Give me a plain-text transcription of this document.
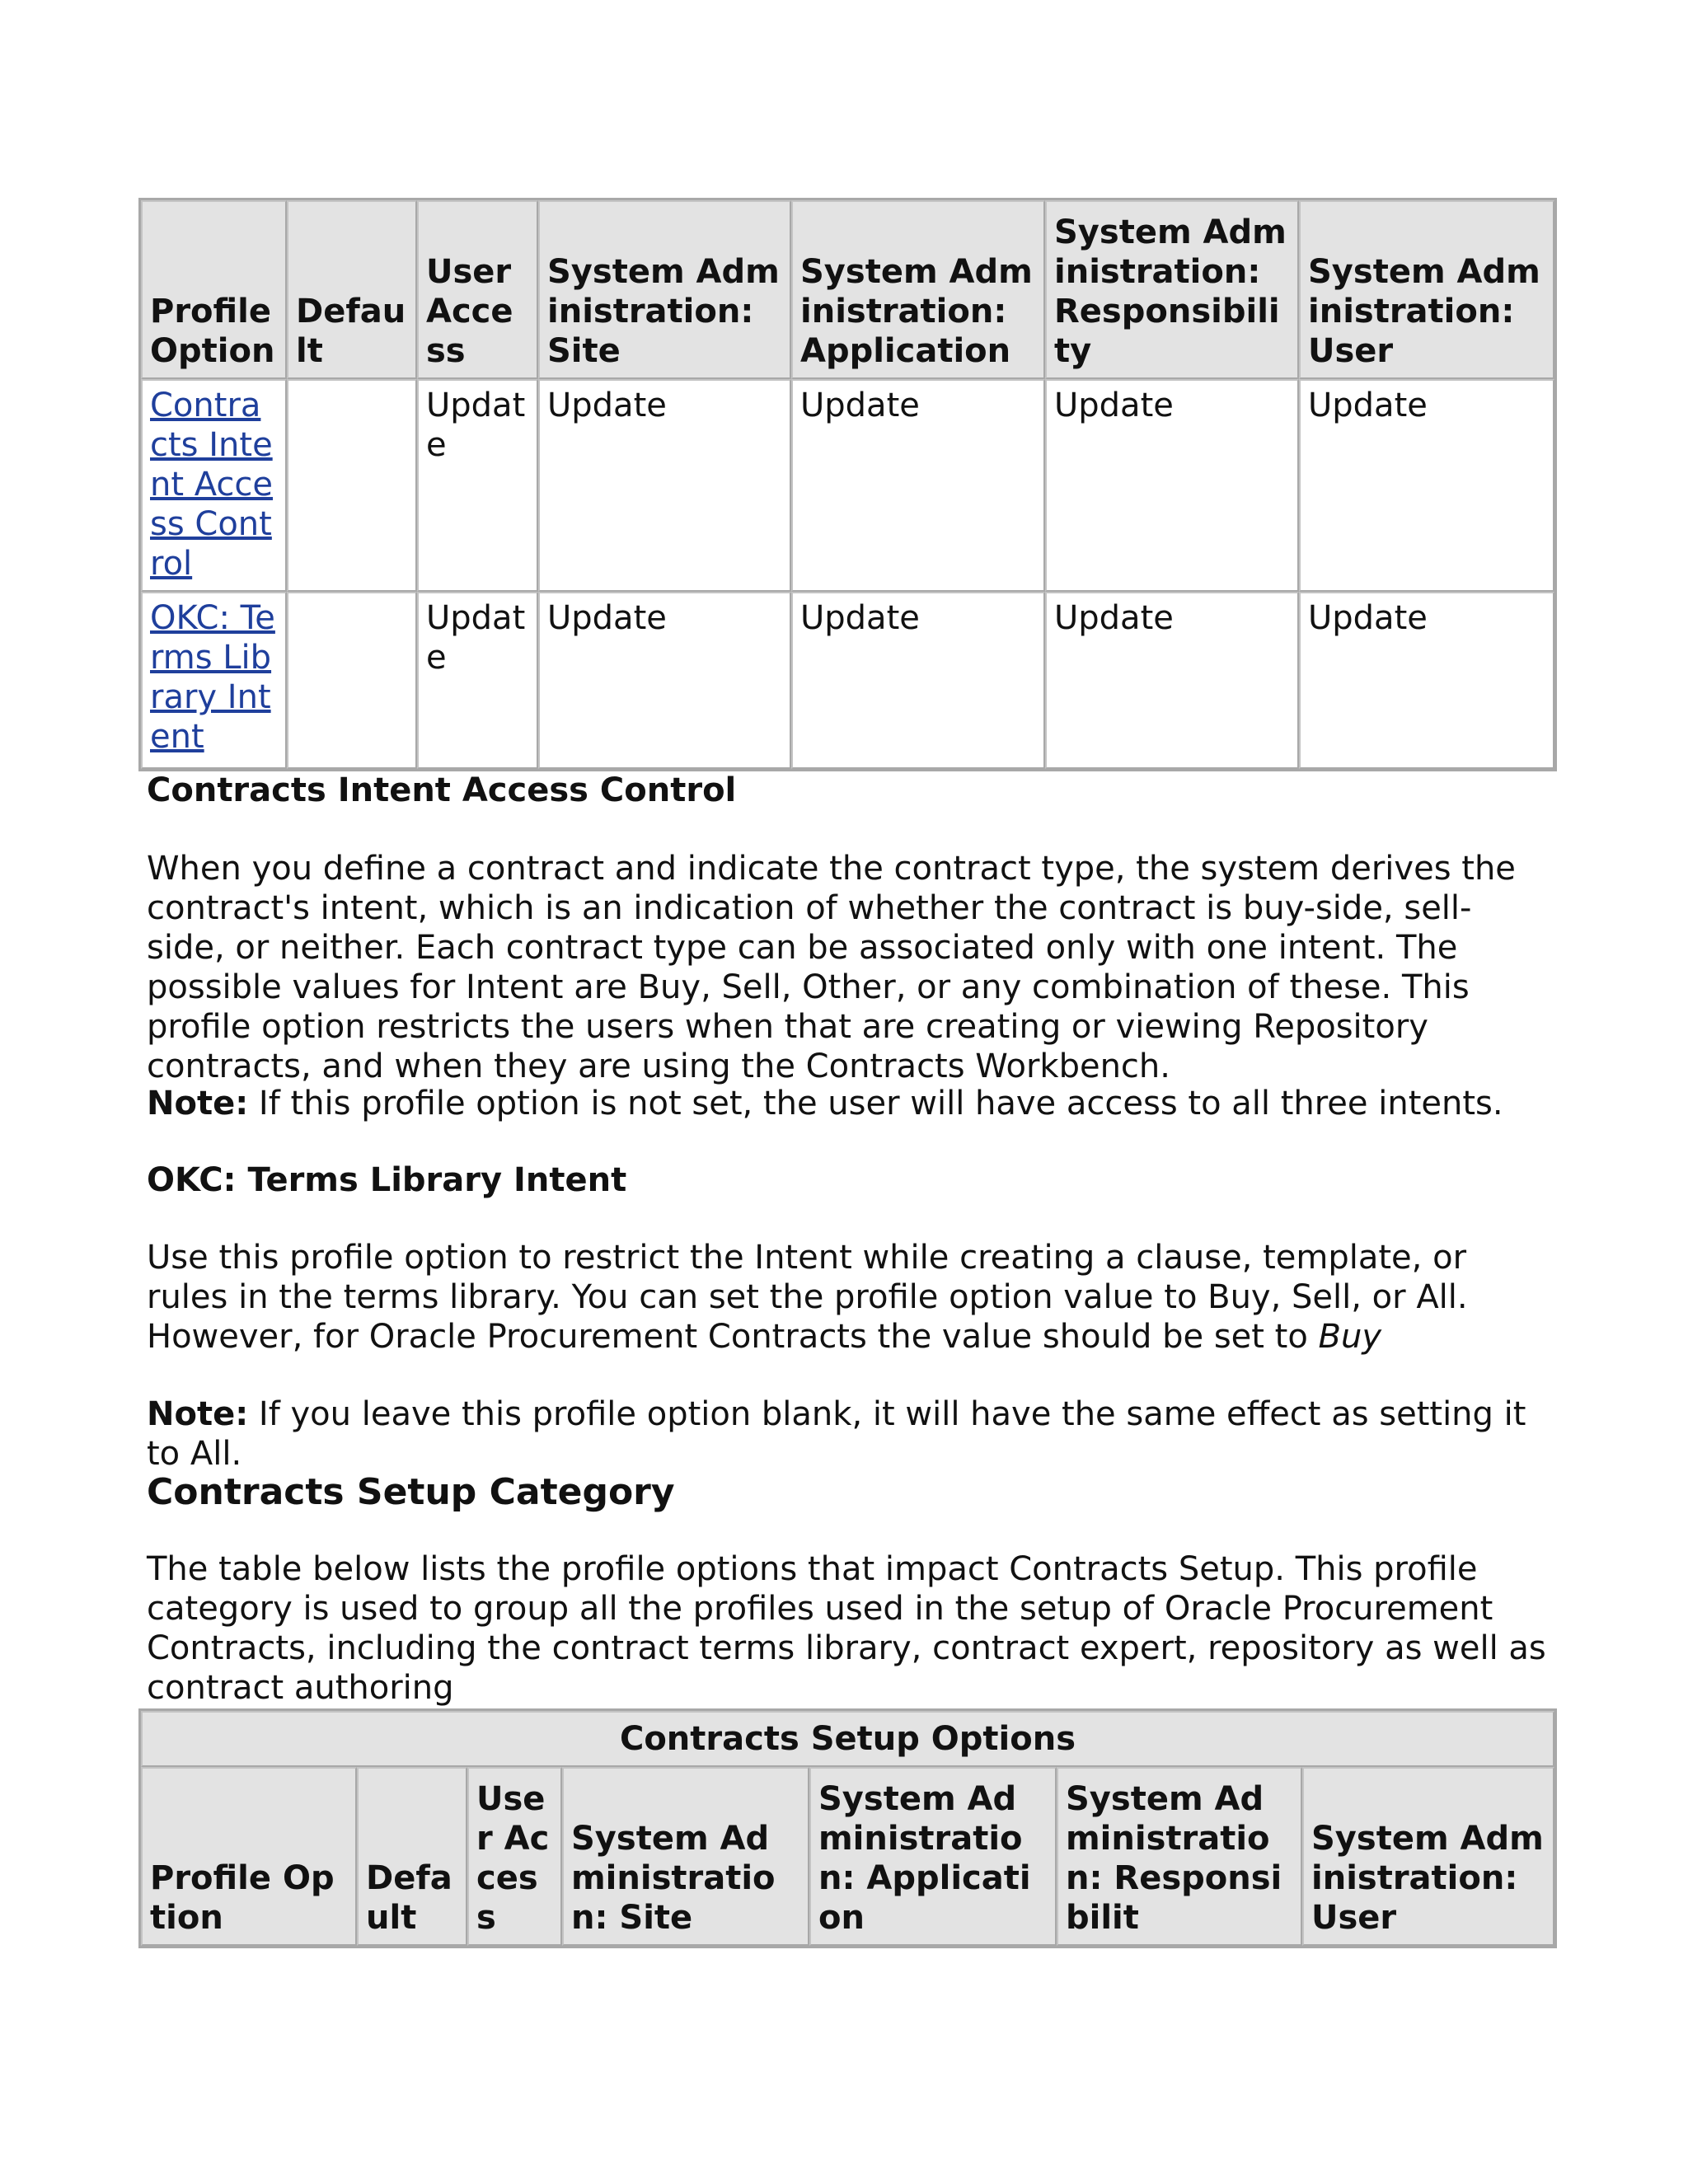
Profile Option	Default	User Access	System Administration: Site	System Administration: Application	System Administration: Responsibility	System Administration: User
Contracts Intent Access Control		Update	Update	Update	Update	Update
OKC: Terms Library Intent		Update	Update	Update	Update	Update

Contracts Intent Access Control

When you define a contract and indicate the contract type, the system derives the contract's intent, which is an indication of whether the contract is buy-side, sell-side, or neither. Each contract type can be associated only with one intent. The possible values for Intent are Buy, Sell, Other, or any combination of these. This profile option restricts the users when that are creating or viewing Repository contracts, and when they are using the Contracts Workbench.

Note: If this profile option is not set, the user will have access to all three intents.

OKC: Terms Library Intent

Use this profile option to restrict the Intent while creating a clause, template, or rules in the terms library. You can set the profile option value to Buy, Sell, or All. However, for Oracle Procurement Contracts the value should be set to Buy

Note: If you leave this profile option blank, it will have the same effect as setting it to All.

Contracts Setup Category

The table below lists the profile options that impact Contracts Setup. This profile category is used to group all the profiles used in the setup of Oracle Procurement Contracts, including the contract terms library, contract expert, repository as well as contract authoring

Contracts Setup Options
Profile Option	Default	User Access	System Administration: Site	System Administration: Application	System Administration: Responsibilit	System Administration: User
